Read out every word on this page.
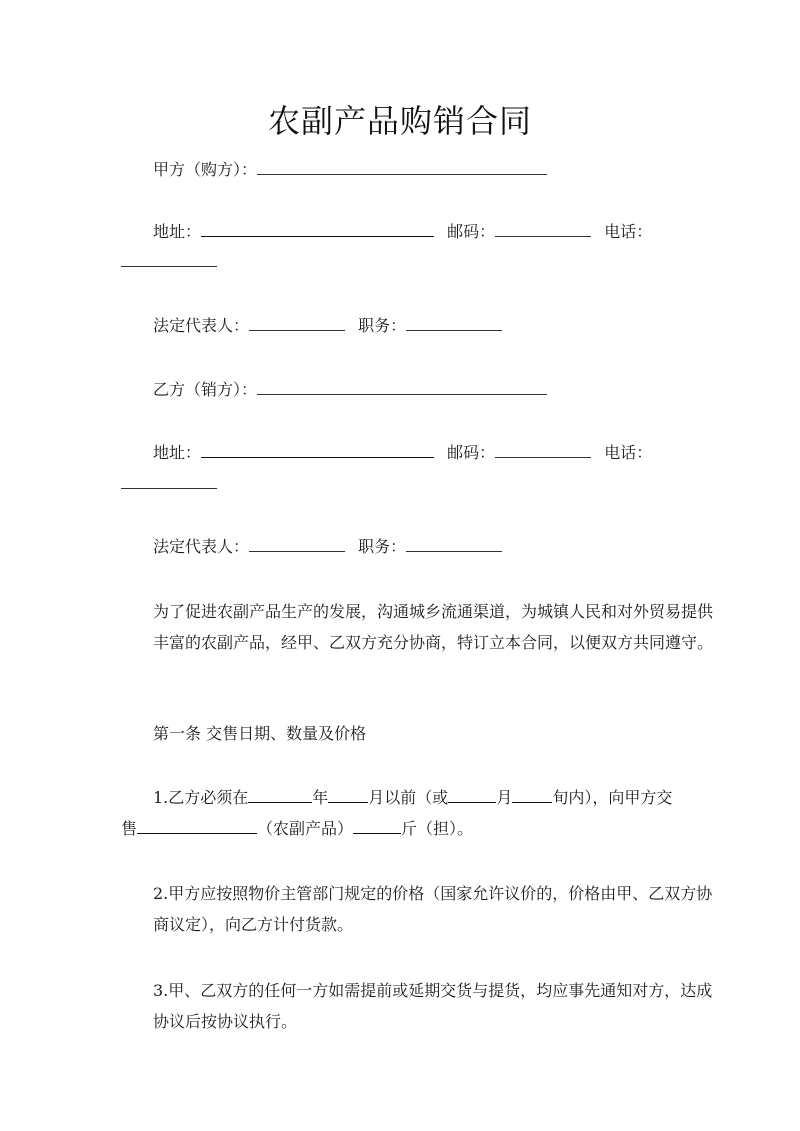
农副产品购销合同
甲方（购方）：
地址：	邮码：	电话：
法定代表人：	职务：
乙方（销方）：
地址：	邮码：	电话：
法定代表人：	职务：
为了促进农副产品生产的发展，沟通城乡流通渠道，为城镇人民和对外贸易提供丰富的农副产品，经甲、乙双方充分协商，特订立本合同，以便双方共同遵守。
第一条 交售日期、数量及价格
1.乙方必须在	年	月以前（或	月	旬内），向甲方交
售	（农副产品）	斤（担）。
2.甲方应按照物价主管部门规定的价格（国家允许议价的，价格由甲、乙双方协商议定），向乙方计付货款。
3.甲、乙双方的任何一方如需提前或延期交货与提货，均应事先通知对方，达成协议后按协议执行。
